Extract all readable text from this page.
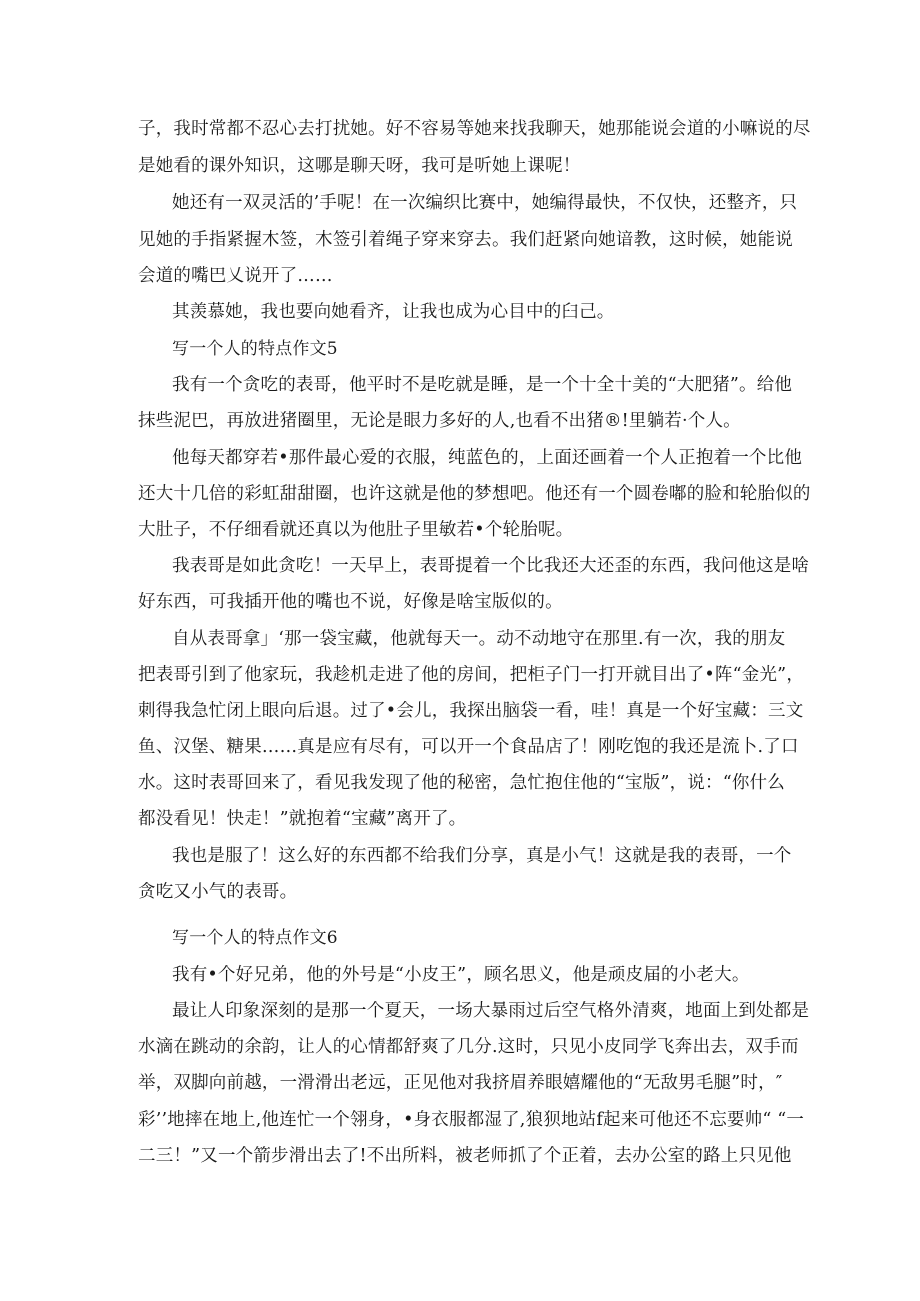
子，我时常都不忍心去打扰她。好不容易等她来找我聊天，她那能说会道的小嘛说的尽
是她看的课外知识，这哪是聊天呀，我可是听她上课呢！
她还有一双灵活的’手呢！在一次编织比赛中，她编得最快，不仅快，还整齐，只
见她的手指紧握木签，木签引着绳子穿来穿去。我们赶紧向她谙教，这时候，她能说
会道的嘴巴乂说开了……
其羡慕她，我也要向她看齐，让我也成为心目中的臼己。
写一个人的特点作文5
我有一个贪吃的表哥，他平时不是吃就是睡，是一个十全十美的“大肥猪”。给他
抹些泥巴，再放进猪圈里，无论是眼力多好的人,也看不出猪®!里躺若·个人。
他每天都穿若•那件最心爱的衣服，纯蓝色的，上面还画着一个人正抱着一个比他
还大十几倍的彩虹甜甜圈，也许这就是他的梦想吧。他还有一个圆卷嘟的脸和轮胎似的
大肚子，不仔细看就还真以为他肚子里敏若•个轮胎呢。
我表哥是如此贪吃！一天早上，表哥提着一个比我还大还歪的东西，我问他这是啥
好东西，可我插开他的嘴也不说，好像是啥宝版似的。
自从表哥拿」‘那一袋宝藏，他就每天一。动不动地守在那里.有一次，我的朋友
把表哥引到了他家玩，我趁机走进了他的房间，把柜子门一打开就目出了•阵“金光”，
刺得我急忙闭上眼向后退。过了•会儿，我探出脑袋一看，哇！真是一个好宝藏：三文
鱼、汉堡、糖果……真是应有尽有，可以开一个食品店了！刚吃饱的我还是流卜.了口
水。这时表哥回来了，看见我发现了他的秘密，急忙抱住他的“宝版”，说：“你什么
都没看见！快走！”就抱着“宝藏”离开了。
我也是服了！这么好的东西都不给我们分享，真是小气！这就是我的表哥，一个
贪吃又小气的表哥。
写一个人的特点作文6
我有•个好兄弟，他的外号是“小皮王”，顾名思义，他是顽皮届的小老大。
最让人印象深刻的是那一个夏天，一场大暴雨过后空气格外清爽，地面上到处都是
水滴在跳动的余韵，让人的心情都舒爽了几分.这时，只见小皮同学飞奔出去，双手而
举，双脚向前越，一滑滑出老远，正见他对我挤眉养眼嬉耀他的“无敌男毛腿”时，″
彩’’地摔在地上,他连忙一个翎身，•身衣服都湿了,狼狈地站f起来可他还不忘要帅“ “一
二三！”又一个箭步滑出去了!不出所料，被老师抓了个正着，去办公室的路上只见他
